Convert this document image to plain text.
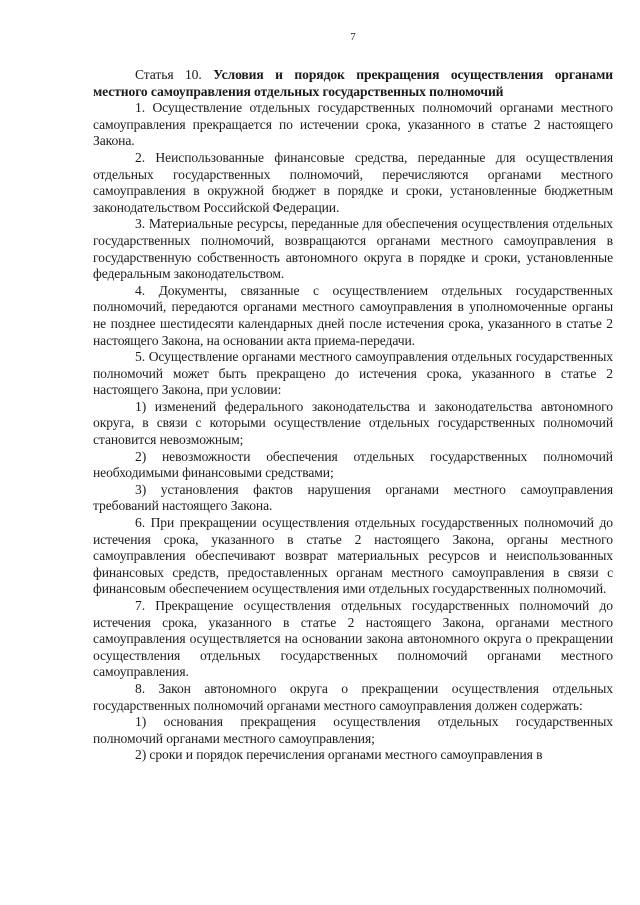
7

Статья 10. Условия и порядок прекращения осуществления органами местного самоуправления отдельных государственных полномочий

1. Осуществление отдельных государственных полномочий органами местного самоуправления прекращается по истечении срока, указанного в статье 2 настоящего Закона.

2. Неиспользованные финансовые средства, переданные для осуществления отдельных государственных полномочий, перечисляются органами местного самоуправления в окружной бюджет в порядке и сроки, установленные бюджетным законодательством Российской Федерации.

3. Материальные ресурсы, переданные для обеспечения осуществления отдельных государственных полномочий, возвращаются органами местного самоуправления в государственную собственность автономного округа в порядке и сроки, установленные федеральным законодательством.

4. Документы, связанные с осуществлением отдельных государственных полномочий, передаются органами местного самоуправления в уполномоченные органы не позднее шестидесяти календарных дней после истечения срока, указанного в статье 2 настоящего Закона, на основании акта приема-передачи.

5. Осуществление органами местного самоуправления отдельных государственных полномочий может быть прекращено до истечения срока, указанного в статье 2 настоящего Закона, при условии:

1) изменений федерального законодательства и законодательства автономного округа, в связи с которыми осуществление отдельных государственных полномочий становится невозможным;

2) невозможности обеспечения отдельных государственных полномочий необходимыми финансовыми средствами;

3) установления фактов нарушения органами местного самоуправления требований настоящего Закона.

6. При прекращении осуществления отдельных государственных полномочий до истечения срока, указанного в статье 2 настоящего Закона, органы местного самоуправления обеспечивают возврат материальных ресурсов и неиспользованных финансовых средств, предоставленных органам местного самоуправления в связи с финансовым обеспечением осуществления ими отдельных государственных полномочий.

7. Прекращение осуществления отдельных государственных полномочий до истечения срока, указанного в статье 2 настоящего Закона, органами местного самоуправления осуществляется на основании закона автономного округа о прекращении осуществления отдельных государственных полномочий органами местного самоуправления.

8. Закон автономного округа о прекращении осуществления отдельных государственных полномочий органами местного самоуправления должен содержать:

1) основания прекращения осуществления отдельных государственных полномочий органами местного самоуправления;

2) сроки и порядок перечисления органами местного самоуправления в
